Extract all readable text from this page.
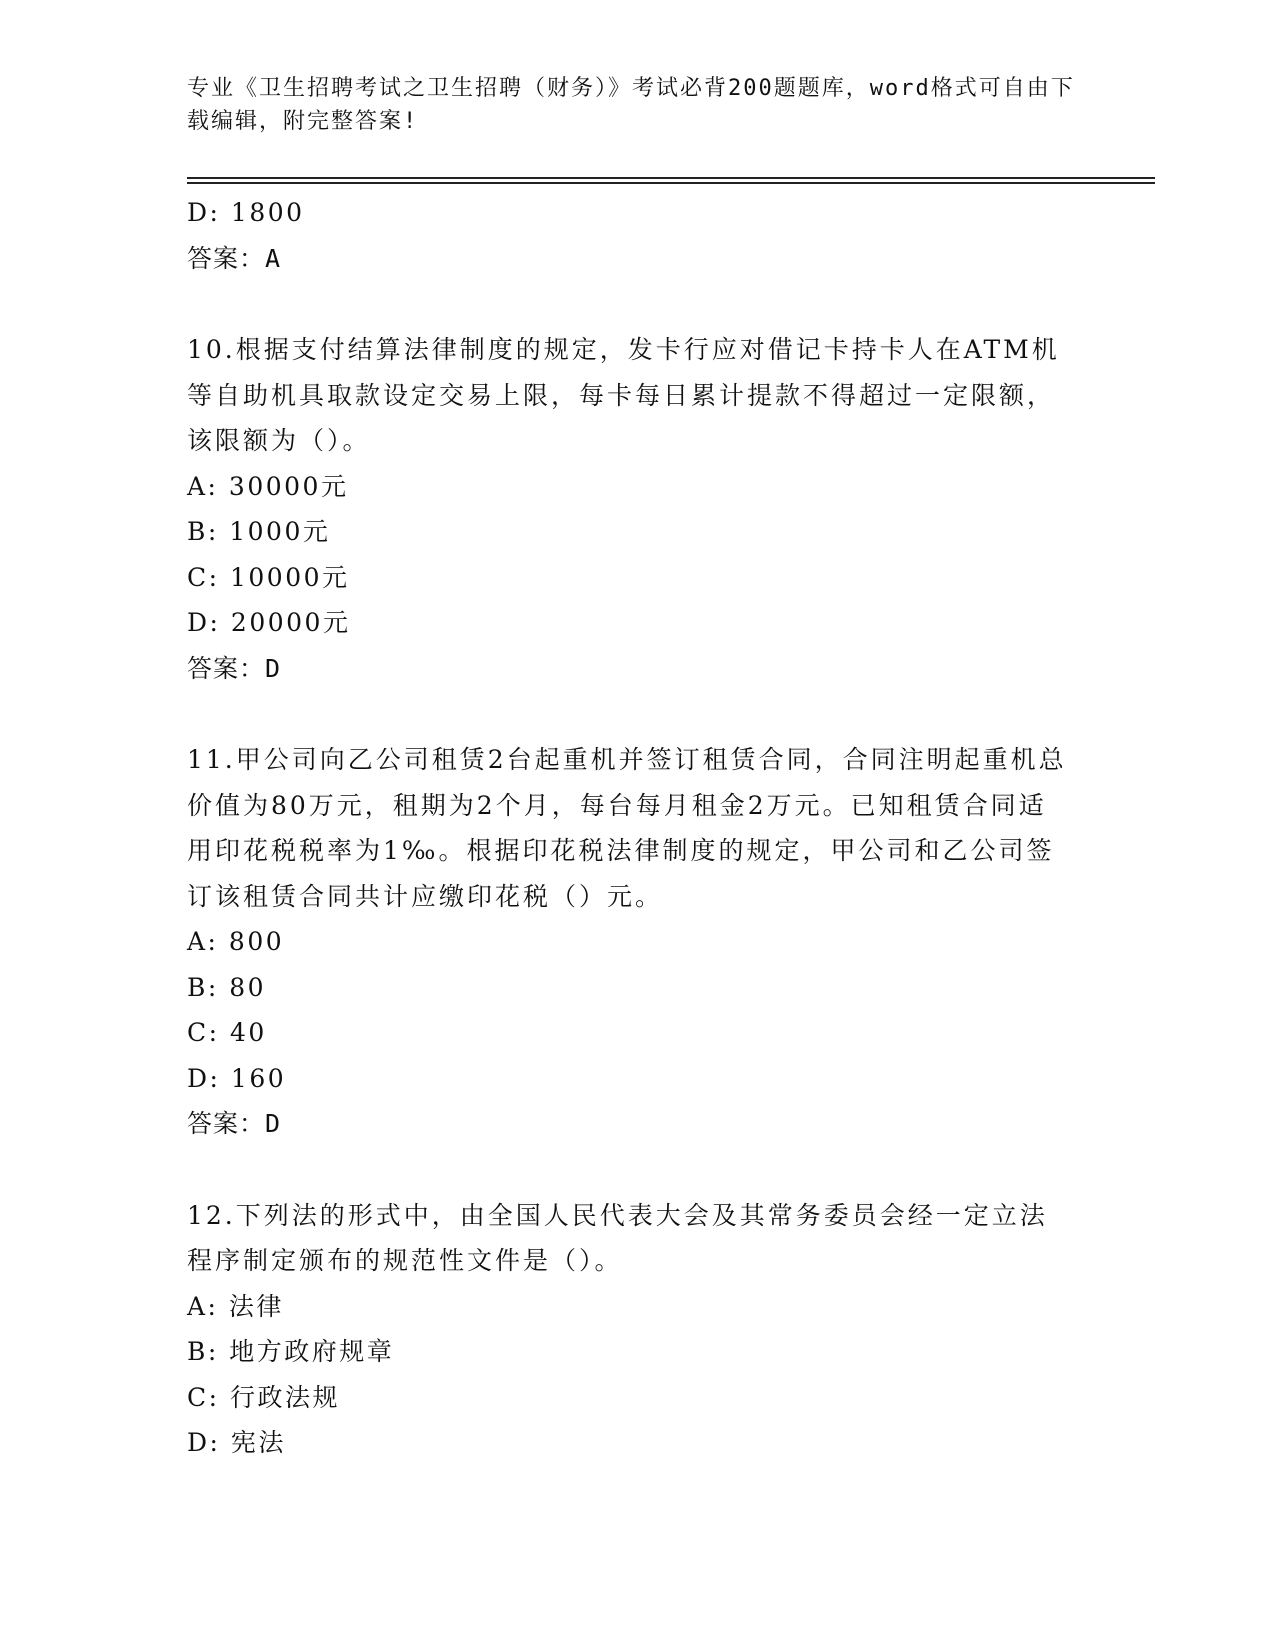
专业《卫生招聘考试之卫生招聘（财务）》考试必背200题题库，word格式可自由下载编辑，附完整答案!
D: 1800
答案：A
10.根据支付结算法律制度的规定，发卡行应对借记卡持卡人在ATM机等自助机具取款设定交易上限，每卡每日累计提款不得超过一定限额，该限额为（）。
A: 30000元
B: 1000元
C: 10000元
D: 20000元
答案：D
11.甲公司向乙公司租赁2台起重机并签订租赁合同，合同注明起重机总价值为80万元，租期为2个月，每台每月租金2万元。已知租赁合同适用印花税税率为1‰。根据印花税法律制度的规定，甲公司和乙公司签订该租赁合同共计应缴印花税（）元。
A: 800
B: 80
C: 40
D: 160
答案：D
12.下列法的形式中，由全国人民代表大会及其常务委员会经一定立法程序制定颁布的规范性文件是（）。
A: 法律
B: 地方政府规章
C: 行政法规
D: 宪法
